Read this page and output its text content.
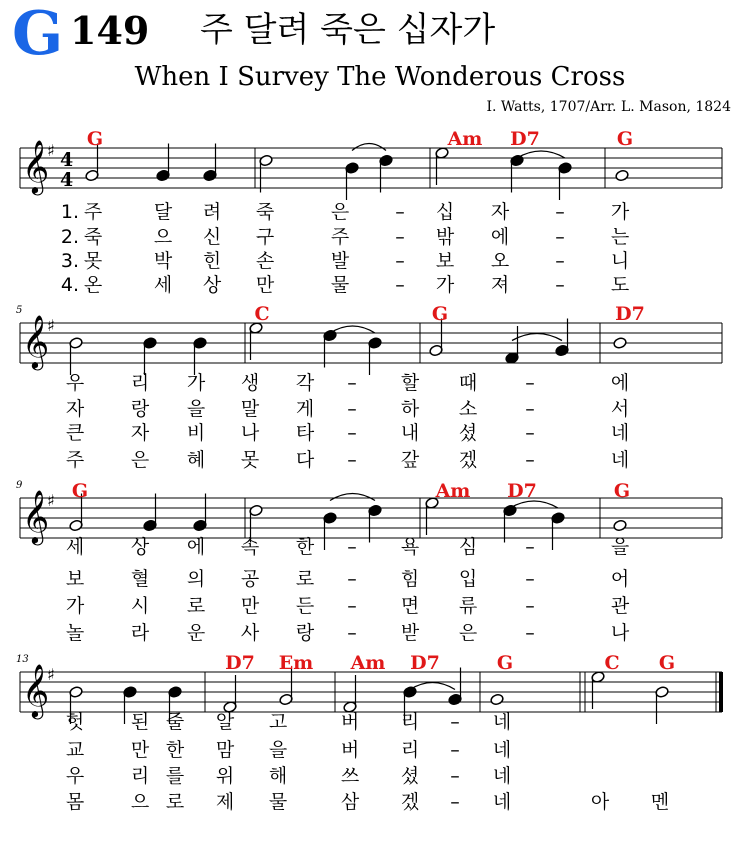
G 149 주 달려 죽은 십자가
When I Survey The Wonderous Cross
I. Watts, 1707/Arr. L. Mason, 1824
𝄞
♯ 4
4
G	Am D7	G
1. 주	달 려 죽	은 – 십 자 – 가
2. 죽	으 신 구	주 – 밖 에 – 는
3. 못	박 힌 손	발 – 보 오 – 니
4. 온	세 상 만	물 – 가 져 – 도
𝄞
♯
5	C	G	D7
우 리 가 생 각 – 할 때	–	에
자 랑 을 말 게 – 하 소	–	서
큰 자 비 나 타 – 내 셨	–	네
주 은 혜 못 다 – 갚 겠	–	네
𝄞
♯
9	G	Am D7	G
세 상 에 속 한 – 욕 심	–	을
보 혈 의 공 로 – 힘 입	–	어
가 시 로 만 든 – 면 류	–	관
놀 라 운 사 랑 – 받 은	–	나
𝄞
♯
13	D7 Em Am D7	G	C G
헛 된 줄 알 고	버 리 – 네
교 만 한 맘 을	버 리 – 네
우 리 를 위 해	쓰 셨 – 네
몸 으 로 제 물	삼 겠 – 네	아 멘
